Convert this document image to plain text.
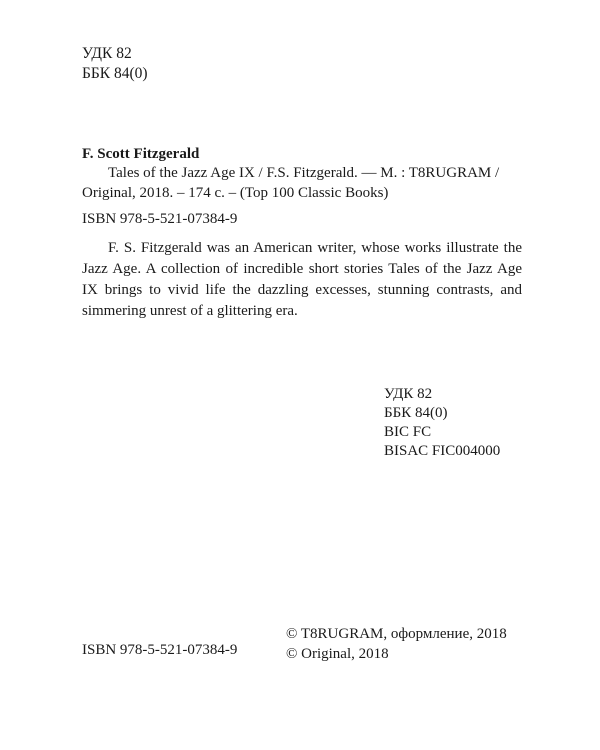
УДК 82
ББК 84(0)
F. Scott Fitzgerald
Tales of the Jazz Age IX / F.S. Fitzgerald. — M. : T8RUGRAM / Original, 2018. – 174 c. – (Top 100 Classic Books)
ISBN 978-5-521-07384-9
F. S. Fitzgerald was an American writer, whose works illustrate the Jazz Age. A collection of incredible short stories Tales of the Jazz Age IX brings to vivid life the dazzling excesses, stunning contrasts, and simmering unrest of a glittering era.
УДК 82
ББК 84(0)
BIC FC
BISAC FIC004000
ISBN 978-5-521-07384-9
© T8RUGRAM, оформление, 2018
© Original, 2018
